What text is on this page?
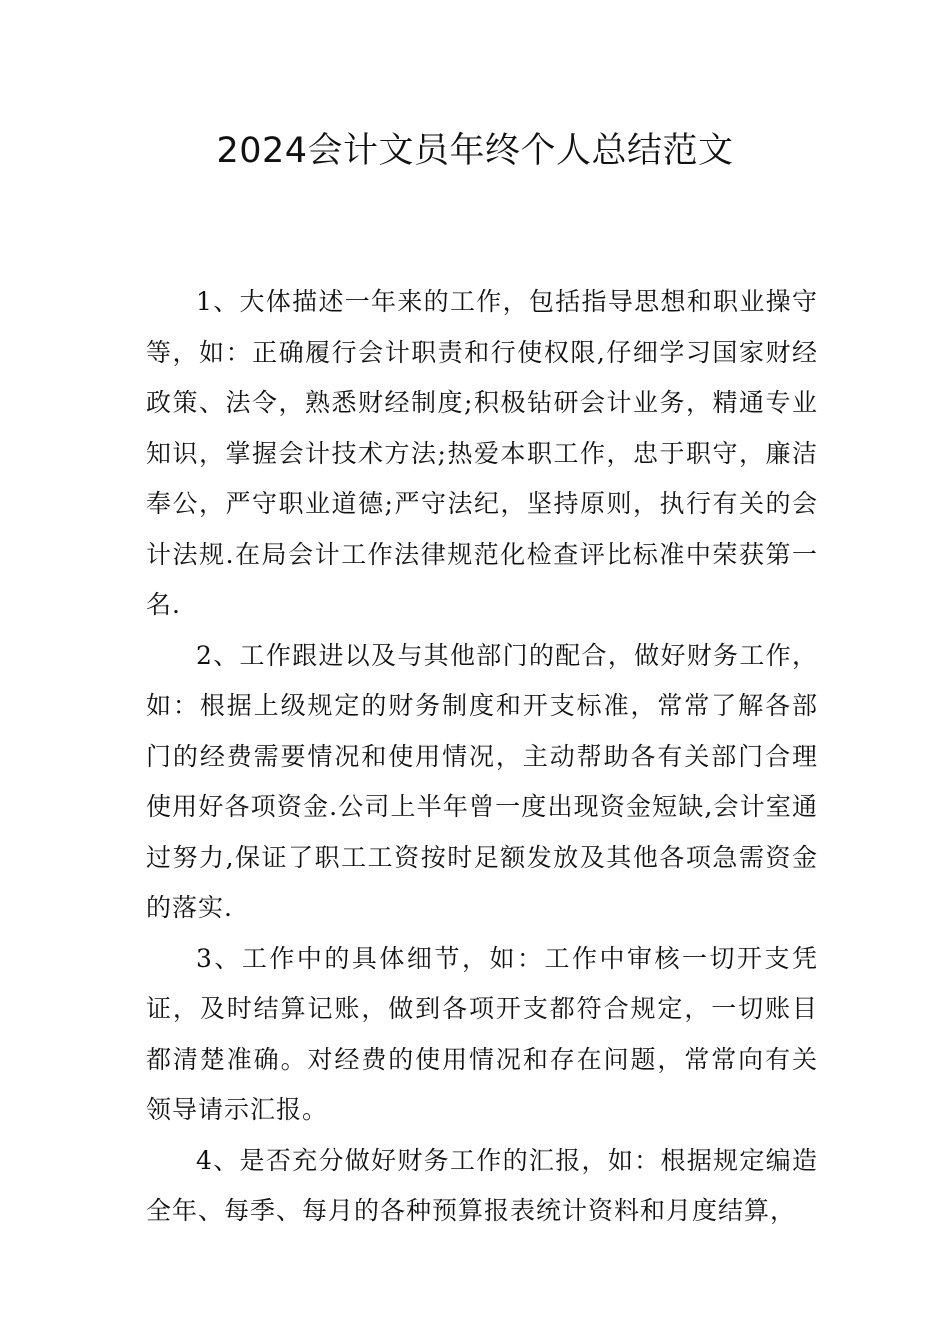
2024会计文员年终个人总结范文

1、大体描述一年来的工作，包括指导思想和职业操守等，如：正确履行会计职责和行使权限,仔细学习国家财经政策、法令，熟悉财经制度;积极钻研会计业务，精通专业知识，掌握会计技术方法;热爱本职工作，忠于职守，廉洁奉公，严守职业道德;严守法纪，坚持原则，执行有关的会计法规.在局会计工作法律规范化检查评比标准中荣获第一名.

2、工作跟进以及与其他部门的配合，做好财务工作，如：根据上级规定的财务制度和开支标准，常常了解各部门的经费需要情况和使用情况，主动帮助各有关部门合理使用好各项资金.公司上半年曾一度出现资金短缺,会计室通过努力,保证了职工工资按时足额发放及其他各项急需资金的落实.

3、工作中的具体细节，如：工作中审核一切开支凭证，及时结算记账，做到各项开支都符合规定，一切账目都清楚准确。对经费的使用情况和存在问题，常常向有关领导请示汇报。

4、是否充分做好财务工作的汇报，如：根据规定编造全年、每季、每月的各种预算报表统计资料和月度结算，
